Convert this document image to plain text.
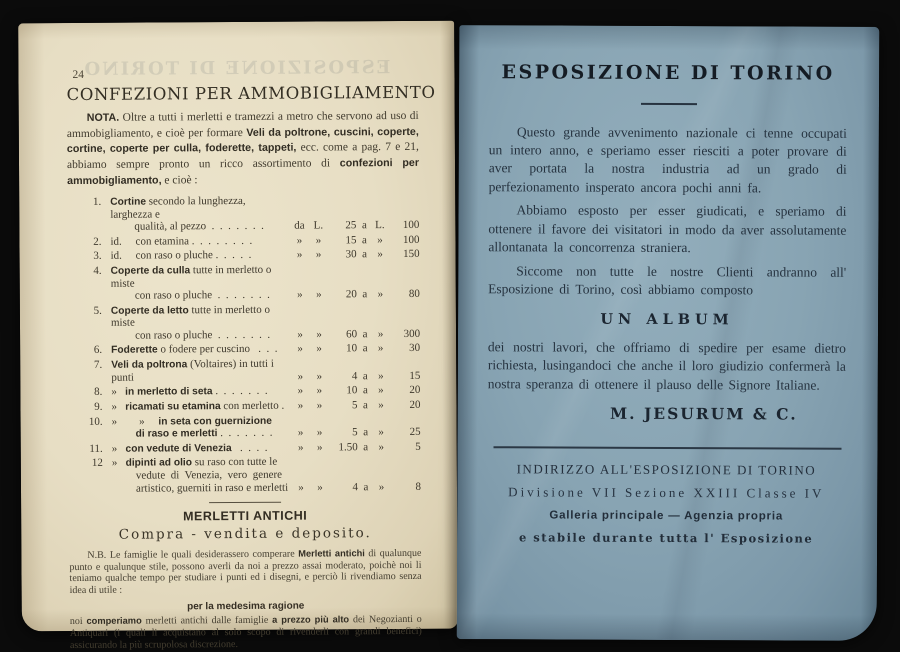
ESPOSIZIONE DI TORINO
24
CONFEZIONI PER AMMOBIGLIAMENTO
NOTA. Oltre a tutti i merletti e tramezzi a metro che servono ad uso di ammobigliamento, e cioè per formare Veli da poltrone, cuscini, coperte, cortine, coperte per culla, foderette, tappeti, ecc. come a pag. 7 e 21, abbiamo sempre pronto un ricco assortimento di confezioni per ammobigliamento, e cioè :
1. Cortine secondo la lunghezza, larghezza e
qualità, al pezzo  .  .  .  .  .  .  .	da L.	25 a L.	100
2. id.     con etamina .  .  .  .  .  .  .  .	»	»	15 a »	100
3. id.     con raso o pluche .  .  .  .  .	»	»	30 a »	150
4. Coperte da culla tutte in merletto o miste
con raso o pluche  .  .  .  .  .  .  .	»	»	20 a »	80
5. Coperte da letto tutte in merletto o miste
con raso o pluche  .  .  .  .  .  .  .	»	»	60 a »	300
6. Foderette o fodere per cuscino   .  .  .	»	»	10 a »	30
7. Veli da poltrona (Voltaires) in tutti i punti	»	»	4 a »	15
8. »   in merletto di seta .  .  .  .  .  .  .	»	»	10 a »	20
9. »   ricamati su etamina con merletto .	»	»	5 a »	20
10. »        »     in seta con guernizione
di raso e merletti .  .  .  .  .  .  .	»	»	5 a »	25
11. »   con vedute di Venezia   .  .  .  .	»	»	1.50 a »	5
12 »   dipinti ad olio su raso con tutte le
vedute  di  Venezia,  vero  genere
artistico, guerniti in raso e merletti »	»	4 a »	8
MERLETTI ANTICHI
Compra - vendita e deposito.
N.B. Le famiglie le quali desiderassero comperare Merletti antichi di qualunque punto e qualunque stile, possono averli da noi a prezzo assai moderato, poichè noi li teniamo qualche tempo per studiare i punti ed i disegni, e perciò li rivendiamo senza idea di utile :
per la medesima ragione
noi comperiamo merletti antichi dalle famiglie a prezzo più alto dei Negozianti o Antiquari (i quali li acquistano al solo scopo di rivenderli con grandi benefici) assicurando la più scrupolosa discrezione.
ESPOSIZIONE DI TORINO

Questo grande avvenimento nazionale ci tenne occupati un intero anno, e speriamo esser riesciti a poter provare di aver portata la nostra industria ad un grado di perfezionamento insperato ancora pochi anni fa.

Abbiamo esposto per esser giudicati, e speriamo di ottenere il favore dei visitatori in modo da aver assolutamente allontanata la concorrenza straniera.

Siccome non tutte le nostre Clienti andranno all' Esposizione di Torino, così abbiamo composto

UN ALBUM
dei nostri lavori, che offriamo di spedire per esame dietro richiesta, lusingandoci che anche il loro giudizio confermerà la nostra speranza di ottenere il plauso delle Signore Italiane.
M. JESURUM & C.
INDIRIZZO ALL'ESPOSIZIONE DI TORINO
Divisione VII Sezione XXIII Classe IV
Galleria principale — Agenzia propria
e stabile durante tutta l' Esposizione
